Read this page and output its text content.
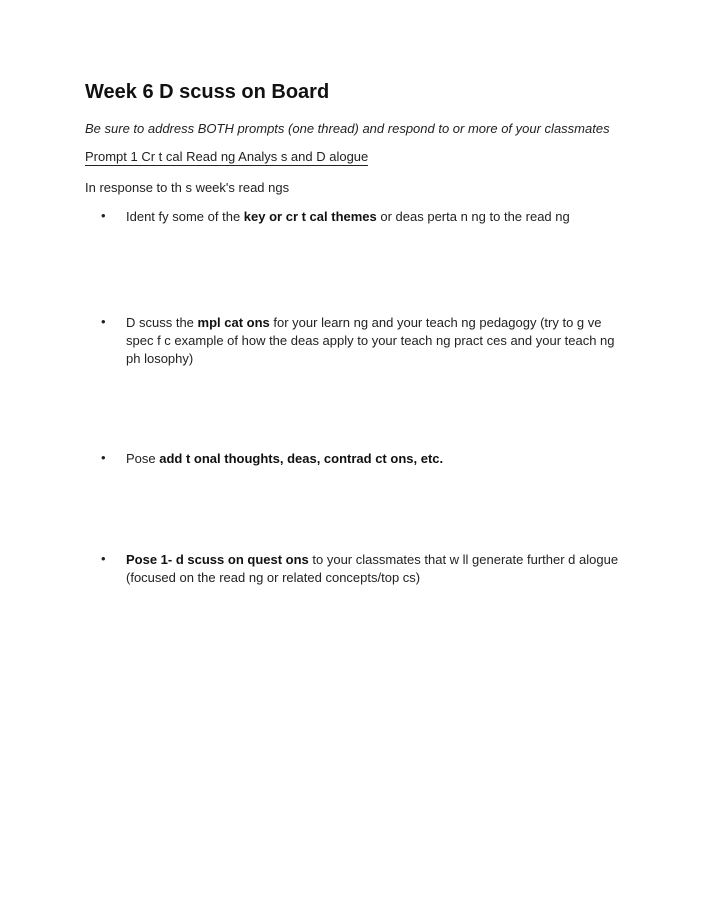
Week 6 D scuss on Board
Be sure to address BOTH prompts (one thread) and respond to or more of your classmates
Prompt 1 Cr t cal Read ng Analys s and D alogue
In response to th s week's read ngs
• Ident fy some of the key or cr t cal themes or deas perta n ng to the read ng
• D scuss the mpl cat ons for your learn ng and your teach ng pedagogy (try to g ve spec f c example of how the deas apply to your teach ng pract ces and your teach ng ph losophy)
• Pose add t onal thoughts, deas, contrad ct ons, etc.
• Pose 1- d scuss on quest ons to your classmates that w ll generate further d alogue (focused on the read ng or related concepts/top cs)
